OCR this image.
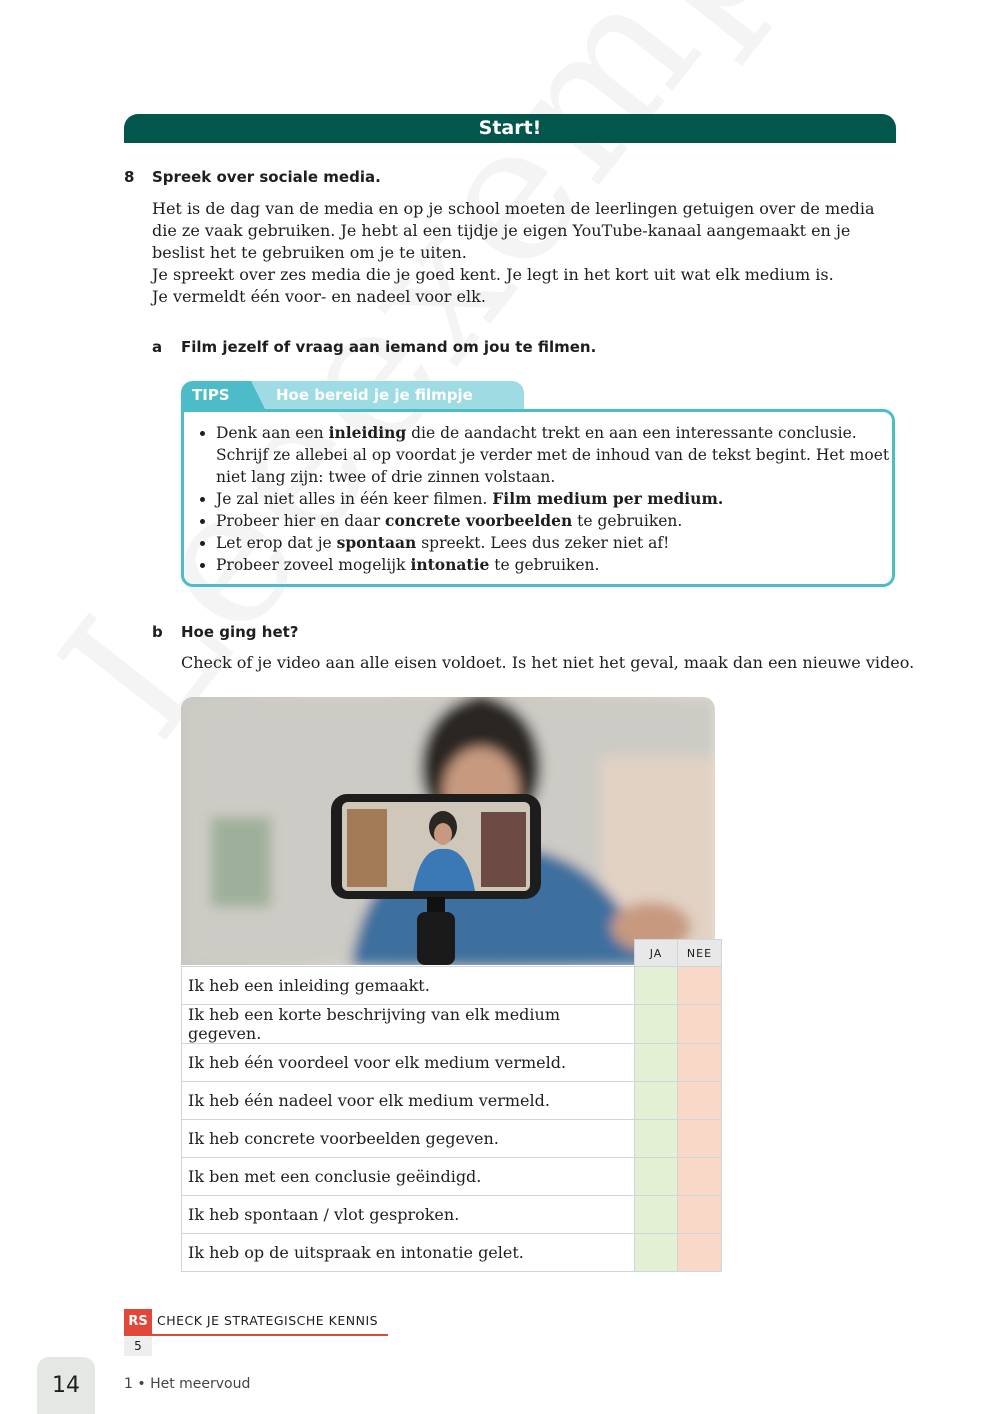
Start!
8 Spreek over sociale media.

Het is de dag van de media en op je school moeten de leerlingen getuigen over de media die ze vaak gebruiken. Je hebt al een tijdje je eigen YouTube-kanaal aangemaakt en je beslist het te gebruiken om je te uiten.

Je spreekt over zes media die je goed kent. Je legt in het kort uit wat elk medium is.

Je vermeldt één voor- en nadeel voor elk.

a Film jezelf of vraag aan iemand om jou te filmen.
TIPS	Hoe bereid je je filmpje
• Denk aan een inleiding die de aandacht trekt en aan een interessante conclusie. Schrijf ze allebei al op voordat je verder met de inhoud van de tekst begint. Het moet niet lang zijn: twee of drie zinnen volstaan.
• Je zal niet alles in één keer filmen. Film medium per medium.
• Probeer hier en daar concrete voorbeelden te gebruiken.
• Let erop dat je spontaan spreekt. Lees dus zeker niet af!
• Probeer zoveel mogelijk intonatie te gebruiken.
b Hoe ging het?
Check of je video aan alle eisen voldoet. Is het niet het geval, maak dan een nieuwe video.
	JA	NEE
Ik heb een inleiding gemaakt.		
Ik heb een korte beschrijving van elk medium gegeven.		
Ik heb één voordeel voor elk medium vermeld.		
Ik heb één nadeel voor elk medium vermeld.		
Ik heb concrete voorbeelden gegeven.		
Ik ben met een conclusie geëindigd.		
Ik heb spontaan / vlot gesproken.		
Ik heb op de uitspraak en intonatie gelet.		
RS CHECK JE STRATEGISCHE KENNIS
5
14	1 • Het meervoud
